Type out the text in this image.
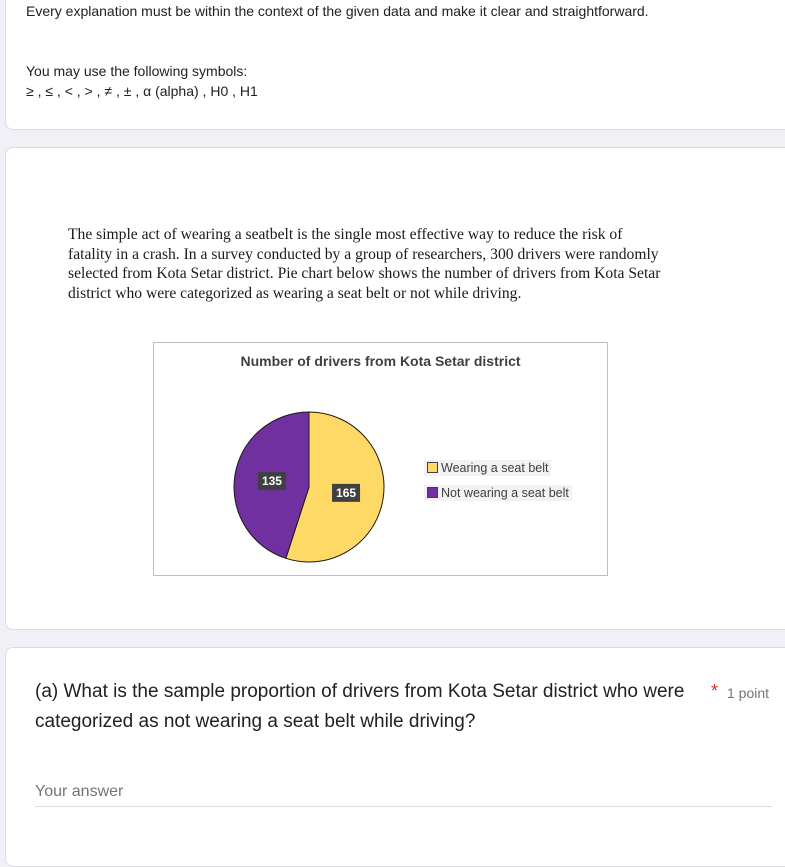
Every explanation must be within the context of the given data and make it clear and straightforward.
You may use the following symbols:
≥ , ≤ , < , > , ≠ , ± , α (alpha) , H0 , H1
The simple act of wearing a seatbelt is the single most effective way to reduce the risk of
fatality in a crash. In a survey conducted by a group of researchers, 300 drivers were randomly
selected from Kota Setar district. Pie chart below shows the number of drivers from Kota Setar
district who were categorized as wearing a seat belt or not while driving.
Number of drivers from Kota Setar district
165
135
Wearing a seat belt
Not wearing a seat belt
(a) What is the sample proportion of drivers from Kota Setar district who were categorized as not wearing a seat belt while driving?
* 1 point
Your answer
